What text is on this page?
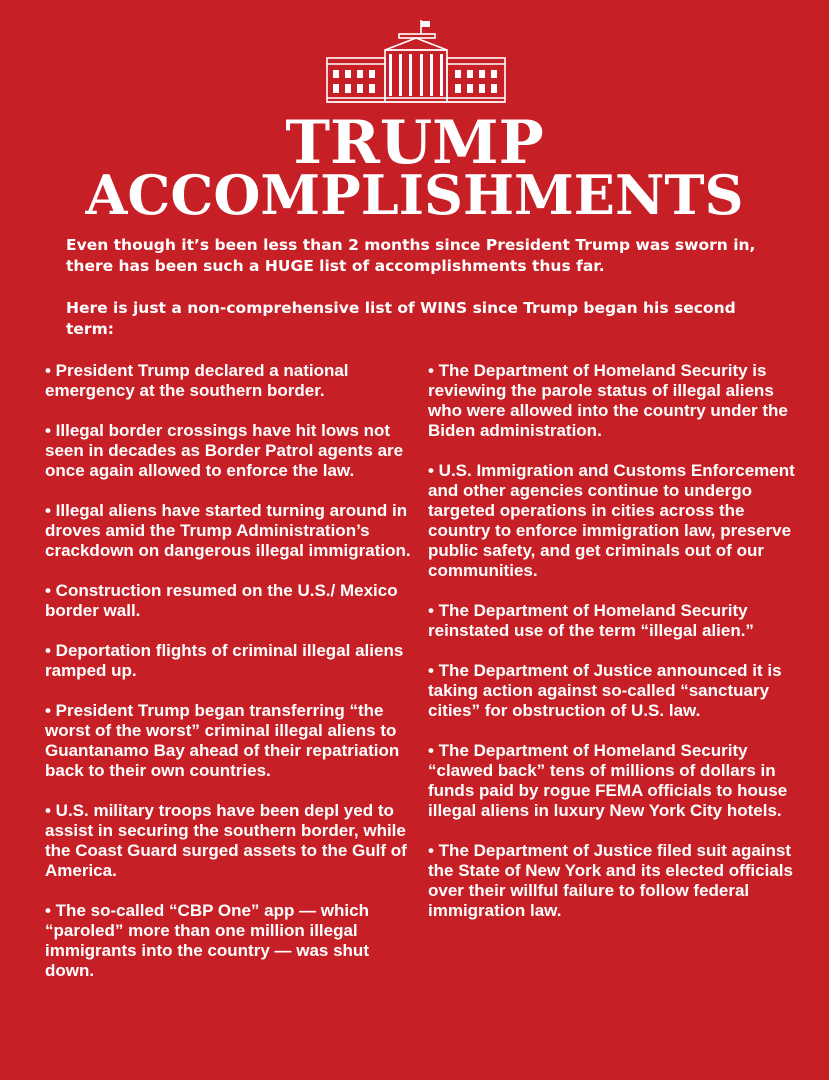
TRUMP
ACCOMPLISHMENTS

Even though it’s been less than 2 months since President Trump was sworn in, there has been such a HUGE list of accomplishments thus far.

Here is just a non-comprehensive list of WINS since Trump began his second term:

• President Trump declared a national emergency at the southern border.
• Illegal border crossings have hit lows not seen in decades as Border Patrol agents are once again allowed to enforce the law.
• Illegal aliens have started turning around in droves amid the Trump Administration’s crackdown on dangerous illegal immigration.
• Construction resumed on the U.S./ Mexico border wall.
• Deportation flights of criminal illegal aliens ramped up.
• President Trump began transferring “the worst of the worst” criminal illegal aliens to Guantanamo Bay ahead of their repatriation back to their own countries.
• U.S. military troops have been depl yed to assist in securing the southern border, while the Coast Guard surged assets to the Gulf of America.
• The so-called “CBP One” app — which “paroled” more than one million illegal immigrants into the country — was shut down.
• The Department of Homeland Security is reviewing the parole status of illegal aliens who were allowed into the country under the Biden administration.
• U.S. Immigration and Customs Enforcement and other agencies continue to undergo targeted operations in cities across the country to enforce immigration law, preserve public safety, and get criminals out of our communities.
• The Department of Homeland Security reinstated use of the term “illegal alien.”
• The Department of Justice announced it is taking action against so-called “sanctuary cities” for obstruction of U.S. law.
• The Department of Homeland Security “clawed back” tens of millions of dollars in funds paid by rogue FEMA officials to house illegal aliens in luxury New York City hotels.
• The Department of Justice filed suit against the State of New York and its elected officials over their willful failure to follow federal immigration law.
